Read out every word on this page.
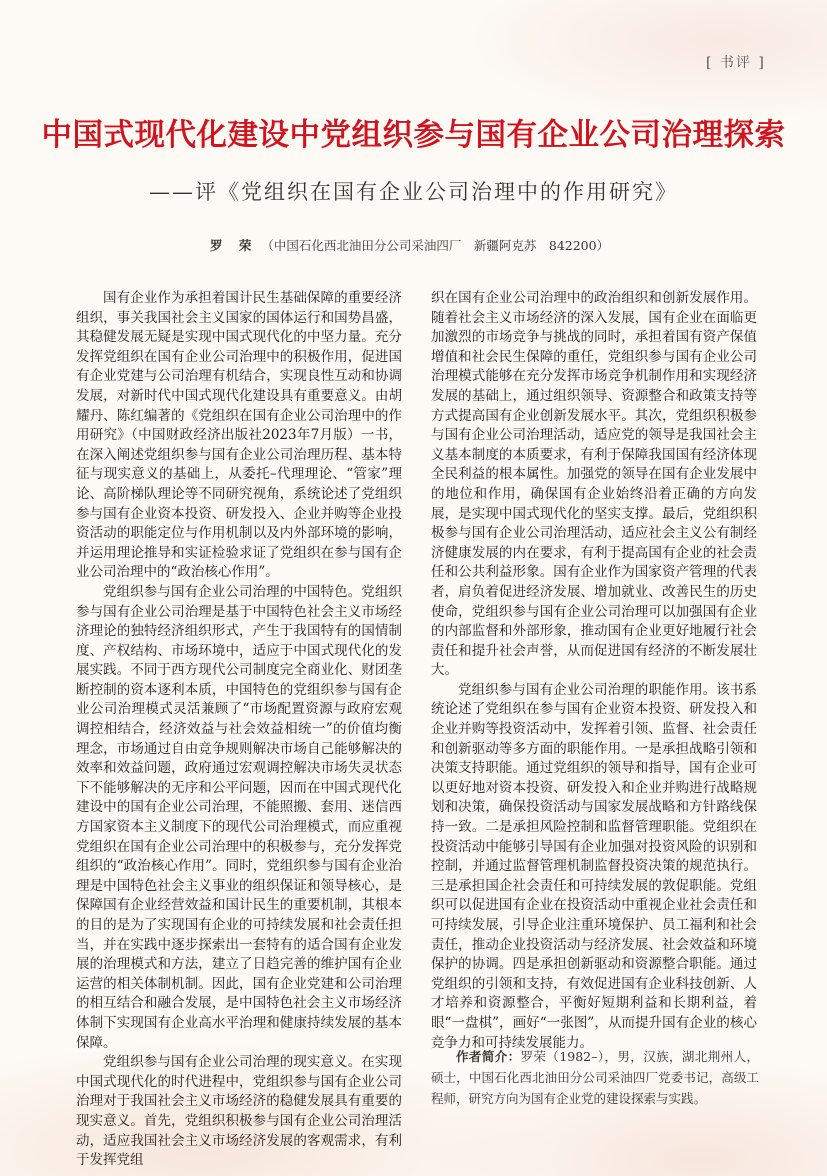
[ 书评 ]
中国式现代化建设中党组织参与国有企业公司治理探索
——评《党组织在国有企业公司治理中的作用研究》
罗 荣 （中国石化西北油田分公司采油四厂　新疆阿克苏　842200）

国有企业作为承担着国计民生基础保障的重要经济组织，事关我国社会主义国家的国体运行和国势昌盛，其稳健发展无疑是实现中国式现代化的中坚力量。充分发挥党组织在国有企业公司治理中的积极作用，促进国有企业党建与公司治理有机结合，实现良性互动和协调发展，对新时代中国式现代化建设具有重要意义。由胡耀丹、陈红编著的《党组织在国有企业公司治理中的作用研究》（中国财政经济出版社2023年7月版）一书，在深入阐述党组织参与国有企业公司治理历程、基本特征与现实意义的基础上，从委托–代理理论、“管家”理论、高阶梯队理论等不同研究视角，系统论述了党组织参与国有企业资本投资、研发投入、企业并购等企业投资活动的职能定位与作用机制以及内外部环境的影响，并运用理论推导和实证检验求证了党组织在参与国有企业公司治理中的“政治核心作用”。

党组织参与国有企业公司治理的中国特色。党组织参与国有企业公司治理是基于中国特色社会主义市场经济理论的独特经济组织形式，产生于我国特有的国情制度、产权结构、市场环境中，适应于中国式现代化的发展实践。不同于西方现代公司制度完全商业化、财团垄断控制的资本逐利本质，中国特色的党组织参与国有企业公司治理模式灵活兼顾了“市场配置资源与政府宏观调控相结合，经济效益与社会效益相统一”的价值均衡理念，市场通过自由竞争规则解决市场自己能够解决的效率和效益问题，政府通过宏观调控解决市场失灵状态下不能够解决的无序和公平问题，因而在中国式现代化建设中的国有企业公司治理，不能照搬、套用、迷信西方国家资本主义制度下的现代公司治理模式，而应重视党组织在国有企业公司治理中的积极参与，充分发挥党组织的“政治核心作用”。同时，党组织参与国有企业治理是中国特色社会主义事业的组织保证和领导核心，是保障国有企业经营效益和国计民生的重要机制，其根本的目的是为了实现国有企业的可持续发展和社会责任担当，并在实践中逐步探索出一套特有的适合国有企业发展的治理模式和方法，建立了日趋完善的维护国有企业运营的相关体制机制。因此，国有企业党建和公司治理的相互结合和融合发展，是中国特色社会主义市场经济体制下实现国有企业高水平治理和健康持续发展的基本保障。

党组织参与国有企业公司治理的现实意义。在实现中国式现代化的时代进程中，党组织参与国有企业公司治理对于我国社会主义市场经济的稳健发展具有重要的现实意义。首先，党组织积极参与国有企业公司治理活动，适应我国社会主义市场经济发展的客观需求，有利于发挥党组

织在国有企业公司治理中的政治组织和创新发展作用。随着社会主义市场经济的深入发展，国有企业在面临更加激烈的市场竞争与挑战的同时，承担着国有资产保值增值和社会民生保障的重任，党组织参与国有企业公司治理模式能够在充分发挥市场竞争机制作用和实现经济发展的基础上，通过组织领导、资源整合和政策支持等方式提高国有企业创新发展水平。其次，党组织积极参与国有企业公司治理活动，适应党的领导是我国社会主义基本制度的本质要求，有利于保障我国国有经济体现全民利益的根本属性。加强党的领导在国有企业发展中的地位和作用，确保国有企业始终沿着正确的方向发展，是实现中国式现代化的坚实支撑。最后，党组织积极参与国有企业公司治理活动，适应社会主义公有制经济健康发展的内在要求，有利于提高国有企业的社会责任和公共利益形象。国有企业作为国家资产管理的代表者，肩负着促进经济发展、增加就业、改善民生的历史使命，党组织参与国有企业公司治理可以加强国有企业的内部监督和外部形象，推动国有企业更好地履行社会责任和提升社会声誉，从而促进国有经济的不断发展壮大。

党组织参与国有企业公司治理的职能作用。该书系统论述了党组织在参与国有企业资本投资、研发投入和企业并购等投资活动中，发挥着引领、监督、社会责任和创新驱动等多方面的职能作用。一是承担战略引领和决策支持职能。通过党组织的领导和指导，国有企业可以更好地对资本投资、研发投入和企业并购进行战略规划和决策，确保投资活动与国家发展战略和方针路线保持一致。二是承担风险控制和监督管理职能。党组织在投资活动中能够引导国有企业加强对投资风险的识别和控制，并通过监督管理机制监督投资决策的规范执行。三是承担国企社会责任和可持续发展的敦促职能。党组织可以促进国有企业在投资活动中重视企业社会责任和可持续发展，引导企业注重环境保护、员工福利和社会责任，推动企业投资活动与经济发展、社会效益和环境保护的协调。四是承担创新驱动和资源整合职能。通过党组织的引领和支持，有效促进国有企业科技创新、人才培养和资源整合，平衡好短期利益和长期利益，着眼“一盘棋”，画好“一张图”，从而提升国有企业的核心竞争力和可持续发展能力。

作者简介：罗荣（1982–），男，汉族，湖北荆州人，硕士，中国石化西北油田分公司采油四厂党委书记，高级工程师，研究方向为国有企业党的建设探索与实践。
